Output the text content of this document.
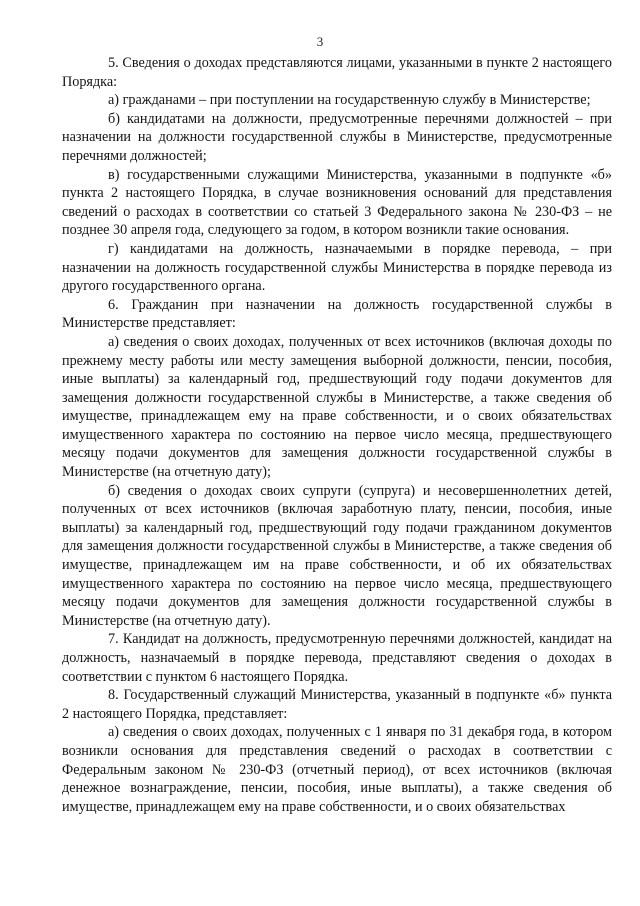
3

5. Сведения о доходах представляются лицами, указанными в пункте 2 настоящего Порядка:

а) гражданами – при поступлении на государственную службу в Министерстве;

б) кандидатами на должности, предусмотренные перечнями должностей – при назначении на должности государственной службы в Министерстве, предусмотренные перечнями должностей;

в) государственными служащими Министерства, указанными в подпункте «б» пункта 2 настоящего Порядка, в случае возникновения оснований для представления сведений о расходах в соответствии со статьей 3 Федерального закона № 230-ФЗ – не позднее 30 апреля года, следующего за годом, в котором возникли такие основания.

г) кандидатами на должность, назначаемыми в порядке перевода, – при назначении на должность государственной службы Министерства в порядке перевода из другого государственного органа.

6. Гражданин при назначении на должность государственной службы в Министерстве представляет:

а) сведения о своих доходах, полученных от всех источников (включая доходы по прежнему месту работы или месту замещения выборной должности, пенсии, пособия, иные выплаты) за календарный год, предшествующий году подачи документов для замещения должности государственной службы в Министерстве, а также сведения об имуществе, принадлежащем ему на праве собственности, и о своих обязательствах имущественного характера по состоянию на первое число месяца, предшествующего месяцу подачи документов для замещения должности государственной службы в Министерстве (на отчетную дату);

б) сведения о доходах своих супруги (супруга) и несовершеннолетних детей, полученных от всех источников (включая заработную плату, пенсии, пособия, иные выплаты) за календарный год, предшествующий году подачи гражданином документов для замещения должности государственной службы в Министерстве, а также сведения об имуществе, принадлежащем им на праве собственности, и об их обязательствах имущественного характера по состоянию на первое число месяца, предшествующего месяцу подачи документов для замещения должности государственной службы в Министерстве (на отчетную дату).

7. Кандидат на должность, предусмотренную перечнями должностей, кандидат на должность, назначаемый в порядке перевода, представляют сведения о доходах в соответствии с пунктом 6 настоящего Порядка.

8. Государственный служащий Министерства, указанный в подпункте «б» пункта 2 настоящего Порядка, представляет:

а) сведения о своих доходах, полученных с 1 января по 31 декабря года, в котором возникли основания для представления сведений о расходах в соответствии с Федеральным законом № 230-ФЗ (отчетный период), от всех источников (включая денежное вознаграждение, пенсии, пособия, иные выплаты), а также сведения об имуществе, принадлежащем ему на праве собственности, и о своих обязательствах
